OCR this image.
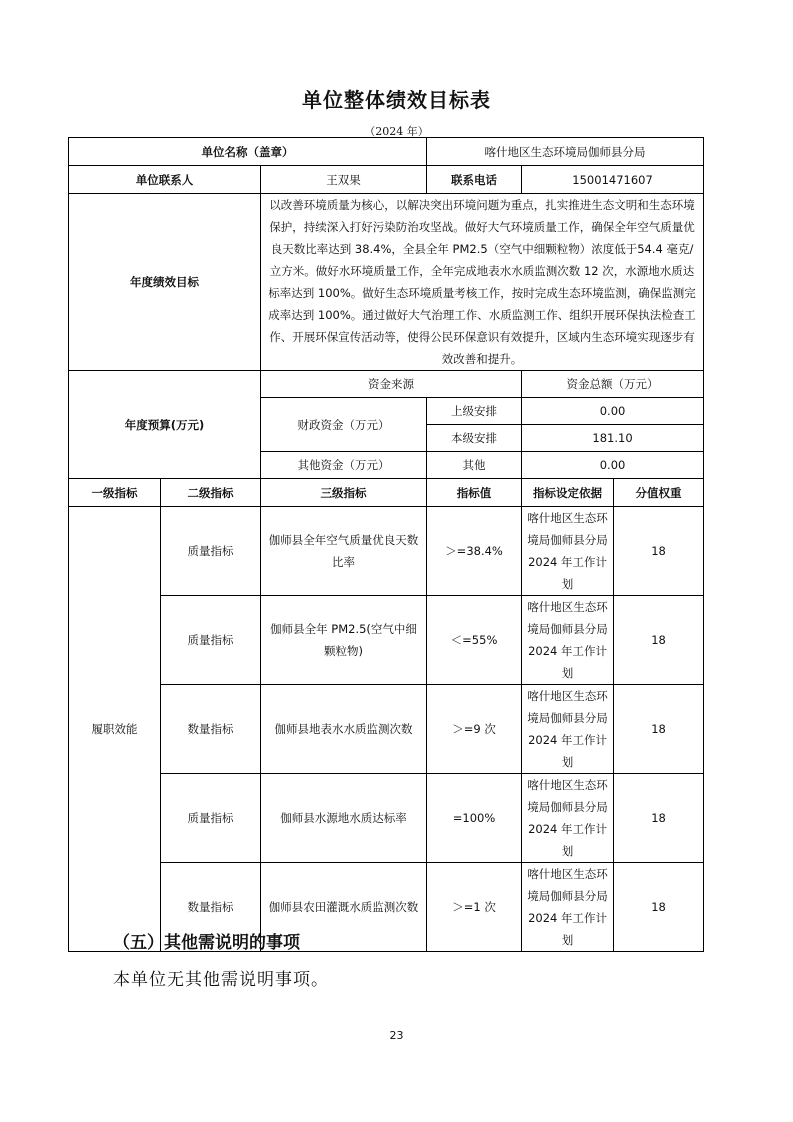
单位整体绩效目标表
（2024 年）
单位名称（盖章）			喀什地区生态环境局伽师县分局		
单位联系人		王双果	联系电话	15001471607	
年度绩效目标		以改善环境质量为核心，以解决突出环境问题为重点，扎实推进生态文明和生态环境保护，持续深入打好污染防治攻坚战。做好大气环境质量工作，确保全年空气质量优良天数比率达到 38.4%，全县全年 PM2.5（空气中细颗粒物）浓度低于54.4 毫克/立方米。做好水环境质量工作，全年完成地表水水质监测次数 12 次，水源地水质达标率达到 100%。做好生态环境质量考核工作，按时完成生态环境监测，确保监测完成率达到 100%。通过做好大气治理工作、水质监测工作、组织开展环保执法检查工作、开展环保宣传活动等，使得公民环保意识有效提升，区域内生态环境实现逐步有效改善和提升。			
年度预算(万元)		资金来源		资金总额（万元）	
		财政资金（万元）	上级安排	0.00	
			本级安排	181.10	
		其他资金（万元）	其他	0.00	
一级指标	二级指标	三级指标	指标值	指标设定依据	分值权重
履职效能	质量指标	伽师县全年空气质量优良天数比率	＞=38.4%	喀什地区生态环境局伽师县分局 2024 年工作计划	18
	质量指标	伽师县全年 PM2.5(空气中细颗粒物)	＜=55%	喀什地区生态环境局伽师县分局 2024 年工作计划	18
	数量指标	伽师县地表水水质监测次数	＞=9 次	喀什地区生态环境局伽师县分局 2024 年工作计划	18
	质量指标	伽师县水源地水质达标率	=100%	喀什地区生态环境局伽师县分局 2024 年工作计划	18
	数量指标	伽师县农田灌溉水质监测次数	＞=1 次	喀什地区生态环境局伽师县分局 2024 年工作计划	18
（五）其他需说明的事项
本单位无其他需说明事项。
23
